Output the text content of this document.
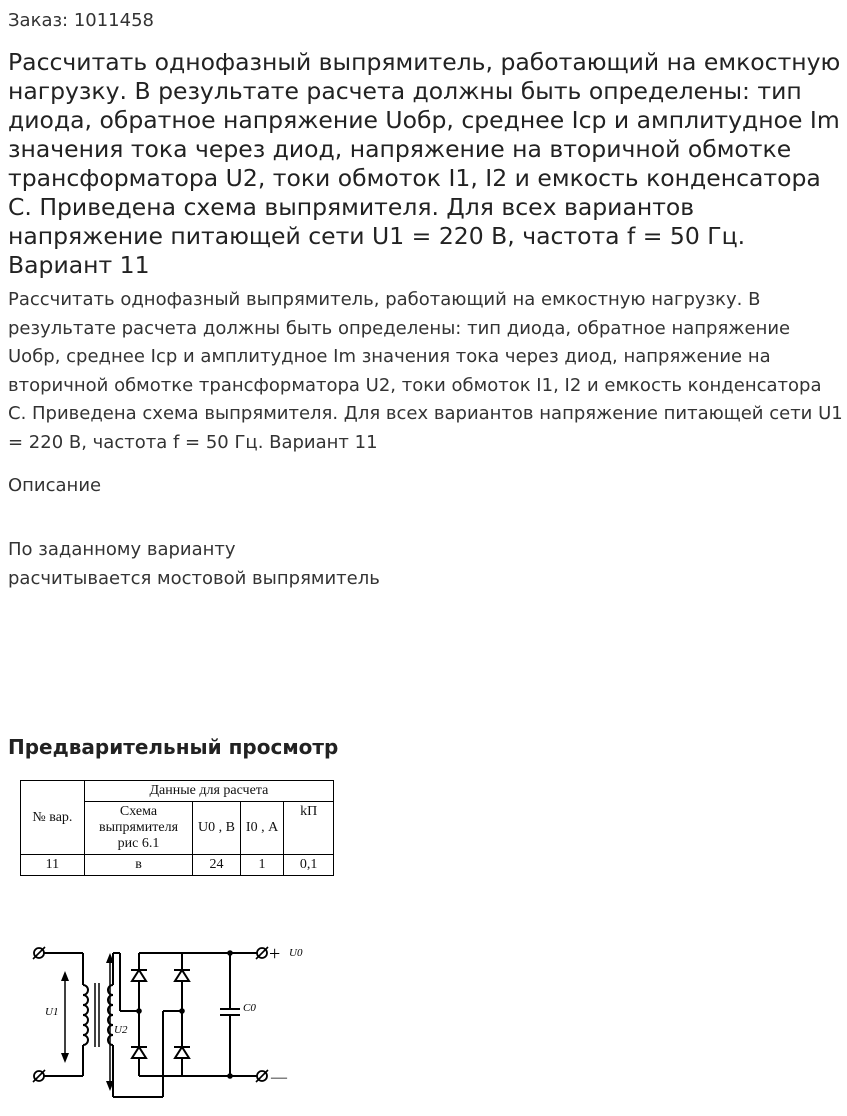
Заказ: 1011458
Рассчитать однофазный выпрямитель, работающий на емкостную нагрузку. В результате расчета должны быть определены: тип диода, обратное напряжение Uобр, среднее Iср и амплитудное Im значения тока через диод, напряжение на вторичной обмотке трансформатора U2, токи обмоток I1, I2 и емкость конденсатора С. Приведена схема выпрямителя. Для всех вариантов напряжение питающей сети U1 = 220 В, частота f = 50 Гц. Вариант 11

Рассчитать однофазный выпрямитель, работающий на емкостную нагрузку. В результате расчета должны быть определены: тип диода, обратное напряжение Uобр, среднее Iср и амплитудное Im значения тока через диод, напряжение на вторичной обмотке трансформатора U2, токи обмоток I1, I2 и емкость конденсатора С. Приведена схема выпрямителя. Для всех вариантов напряжение питающей сети U1 = 220 В, частота f = 50 Гц. Вариант 11

Описание
По заданному варианту
расчитывается мостовой выпрямитель
Предварительный просмотр
№ вар.	Данные для расчета			
	Схема выпрямителя рис 6.1	U0 , В	I0 , А	kП
11	в	24	1	0,1
U1
U2
C0
+ U0
—
